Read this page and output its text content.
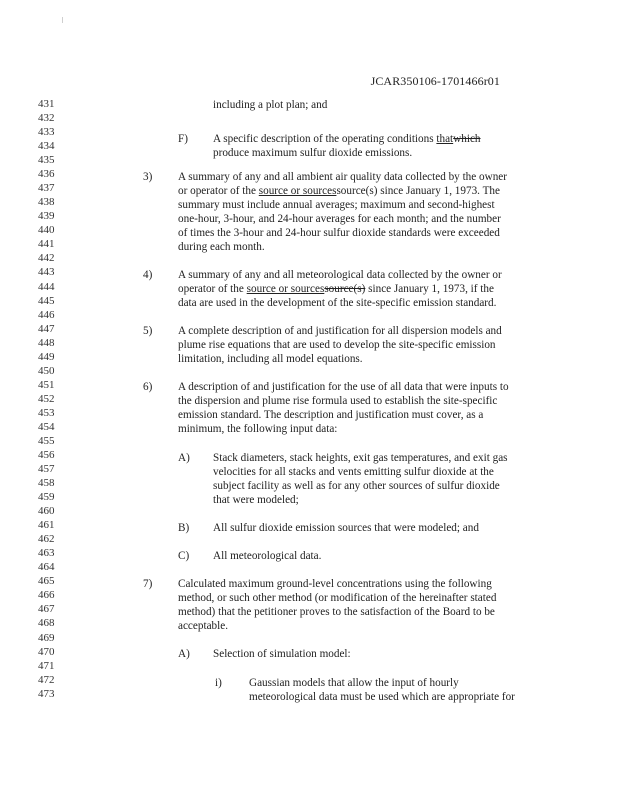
JCAR350106-1701466r01
431
432
433
434
435
436
437
438
439
440
441
442
443
444
445
446
447
448
449
450
451
452
453
454
455
456
457
458
459
460
461
462
463
464
465
466
467
468
469
470
471
472
473
including a plot plan; and
F) A specific description of the operating conditions thatwhich
produce maximum sulfur dioxide emissions.
3) A summary of any and all ambient air quality data collected by the owner
or operator of the source or sourcessource(s) since January 1, 1973. The
summary must include annual averages; maximum and second-highest
one-hour, 3-hour, and 24-hour averages for each month; and the number
of times the 3-hour and 24-hour sulfur dioxide standards were exceeded
during each month.
4) A summary of any and all meteorological data collected by the owner or
operator of the source or sourcessource(s) since January 1, 1973, if the
data are used in the development of the site-specific emission standard.
5) A complete description of and justification for all dispersion models and
plume rise equations that are used to develop the site-specific emission
limitation, including all model equations.
6) A description of and justification for the use of all data that were inputs to
the dispersion and plume rise formula used to establish the site-specific
emission standard. The description and justification must cover, as a
minimum, the following input data:
A) Stack diameters, stack heights, exit gas temperatures, and exit gas
velocities for all stacks and vents emitting sulfur dioxide at the
subject facility as well as for any other sources of sulfur dioxide
that were modeled;
B) All sulfur dioxide emission sources that were modeled; and
C) All meteorological data.
7) Calculated maximum ground-level concentrations using the following
method, or such other method (or modification of the hereinafter stated
method) that the petitioner proves to the satisfaction of the Board to be
acceptable.
A) Selection of simulation model:
i) Gaussian models that allow the input of hourly
meteorological data must be used which are appropriate for
